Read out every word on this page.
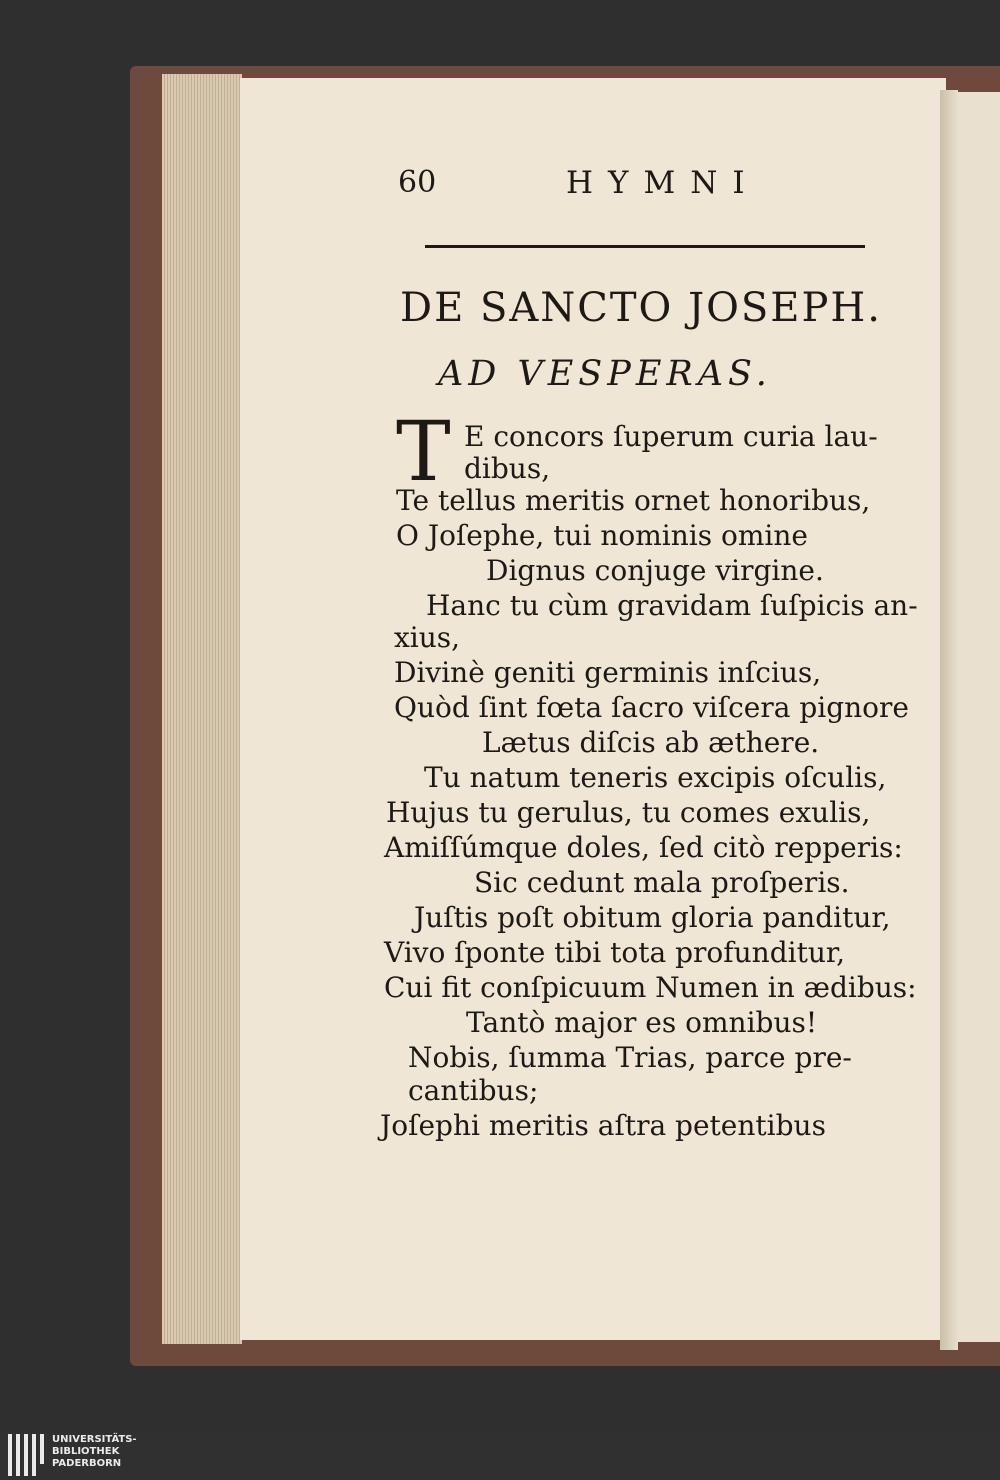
60	HYMNI
DE SANCTO JOSEPH.
AD VESPERAS.
T E concors ſuperum curia lau-
dibus,
Te tellus meritis ornet honoribus,
O Joſephe, tui nominis omine
Dignus conjuge virgine.
Hanc tu cùm gravidam ſuſpicis an-
xius,
Divinè geniti germinis inſcius,
Quòd ſint fœta ſacro viſcera pignore
Lætus diſcis ab æthere.
Tu natum teneris excipis oſculis,
Hujus tu gerulus, tu comes exulis,
Amiſſúmque doles, ſed citò repperis:
Sic cedunt mala proſperis.
Juſtis poſt obitum gloria panditur,
Vivo ſponte tibi tota profunditur,
Cui fit conſpicuum Numen in ædibus:
Tantò major es omnibus!
Nobis, ſumma Trias, parce pre-
cantibus;
Joſephi meritis aſtra petentibus
UNIVERSITÄTS-
BIBLIOTHEK
PADERBORN
